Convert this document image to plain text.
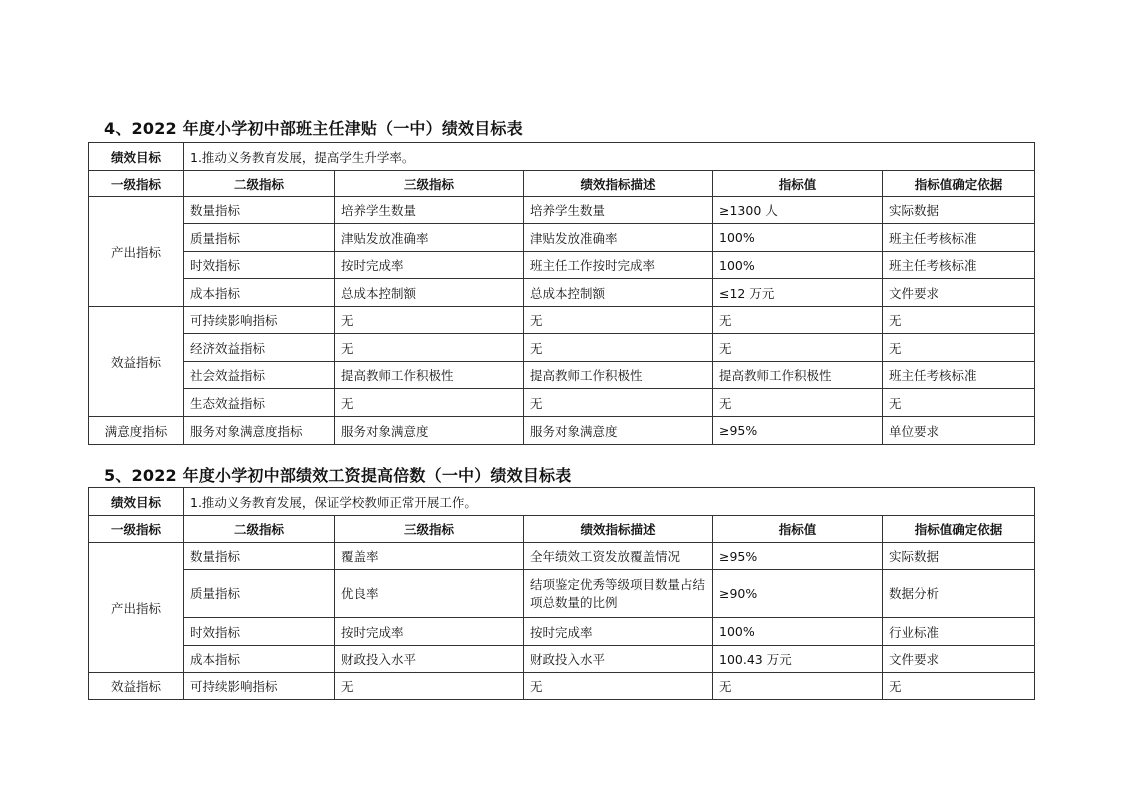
4、2022 年度小学初中部班主任津贴（一中）绩效目标表
绩效目标	1.推动义务教育发展，提高学生升学率。				
一级指标	二级指标	三级指标	绩效指标描述	指标值	指标值确定依据
产出指标	数量指标	培养学生数量	培养学生数量	≥1300 人	实际数据
	质量指标	津贴发放准确率	津贴发放准确率	100%	班主任考核标准
	时效指标	按时完成率	班主任工作按时完成率	100%	班主任考核标准
	成本指标	总成本控制额	总成本控制额	≤12 万元	文件要求
效益指标	可持续影响指标	无	无	无	无
	经济效益指标	无	无	无	无
	社会效益指标	提高教师工作积极性	提高教师工作积极性	提高教师工作积极性	班主任考核标准
	生态效益指标	无	无	无	无
满意度指标	服务对象满意度指标	服务对象满意度	服务对象满意度	≥95%	单位要求
5、2022 年度小学初中部绩效工资提高倍数（一中）绩效目标表
绩效目标	1.推动义务教育发展，保证学校教师正常开展工作。				
一级指标	二级指标	三级指标	绩效指标描述	指标值	指标值确定依据
产出指标	数量指标	覆盖率	全年绩效工资发放覆盖情况	≥95%	实际数据
	质量指标	优良率	结项鉴定优秀等级项目数量占结项总数量的比例	≥90%	数据分析
	时效指标	按时完成率	按时完成率	100%	行业标准
	成本指标	财政投入水平	财政投入水平	100.43 万元	文件要求
效益指标	可持续影响指标	无	无	无	无
